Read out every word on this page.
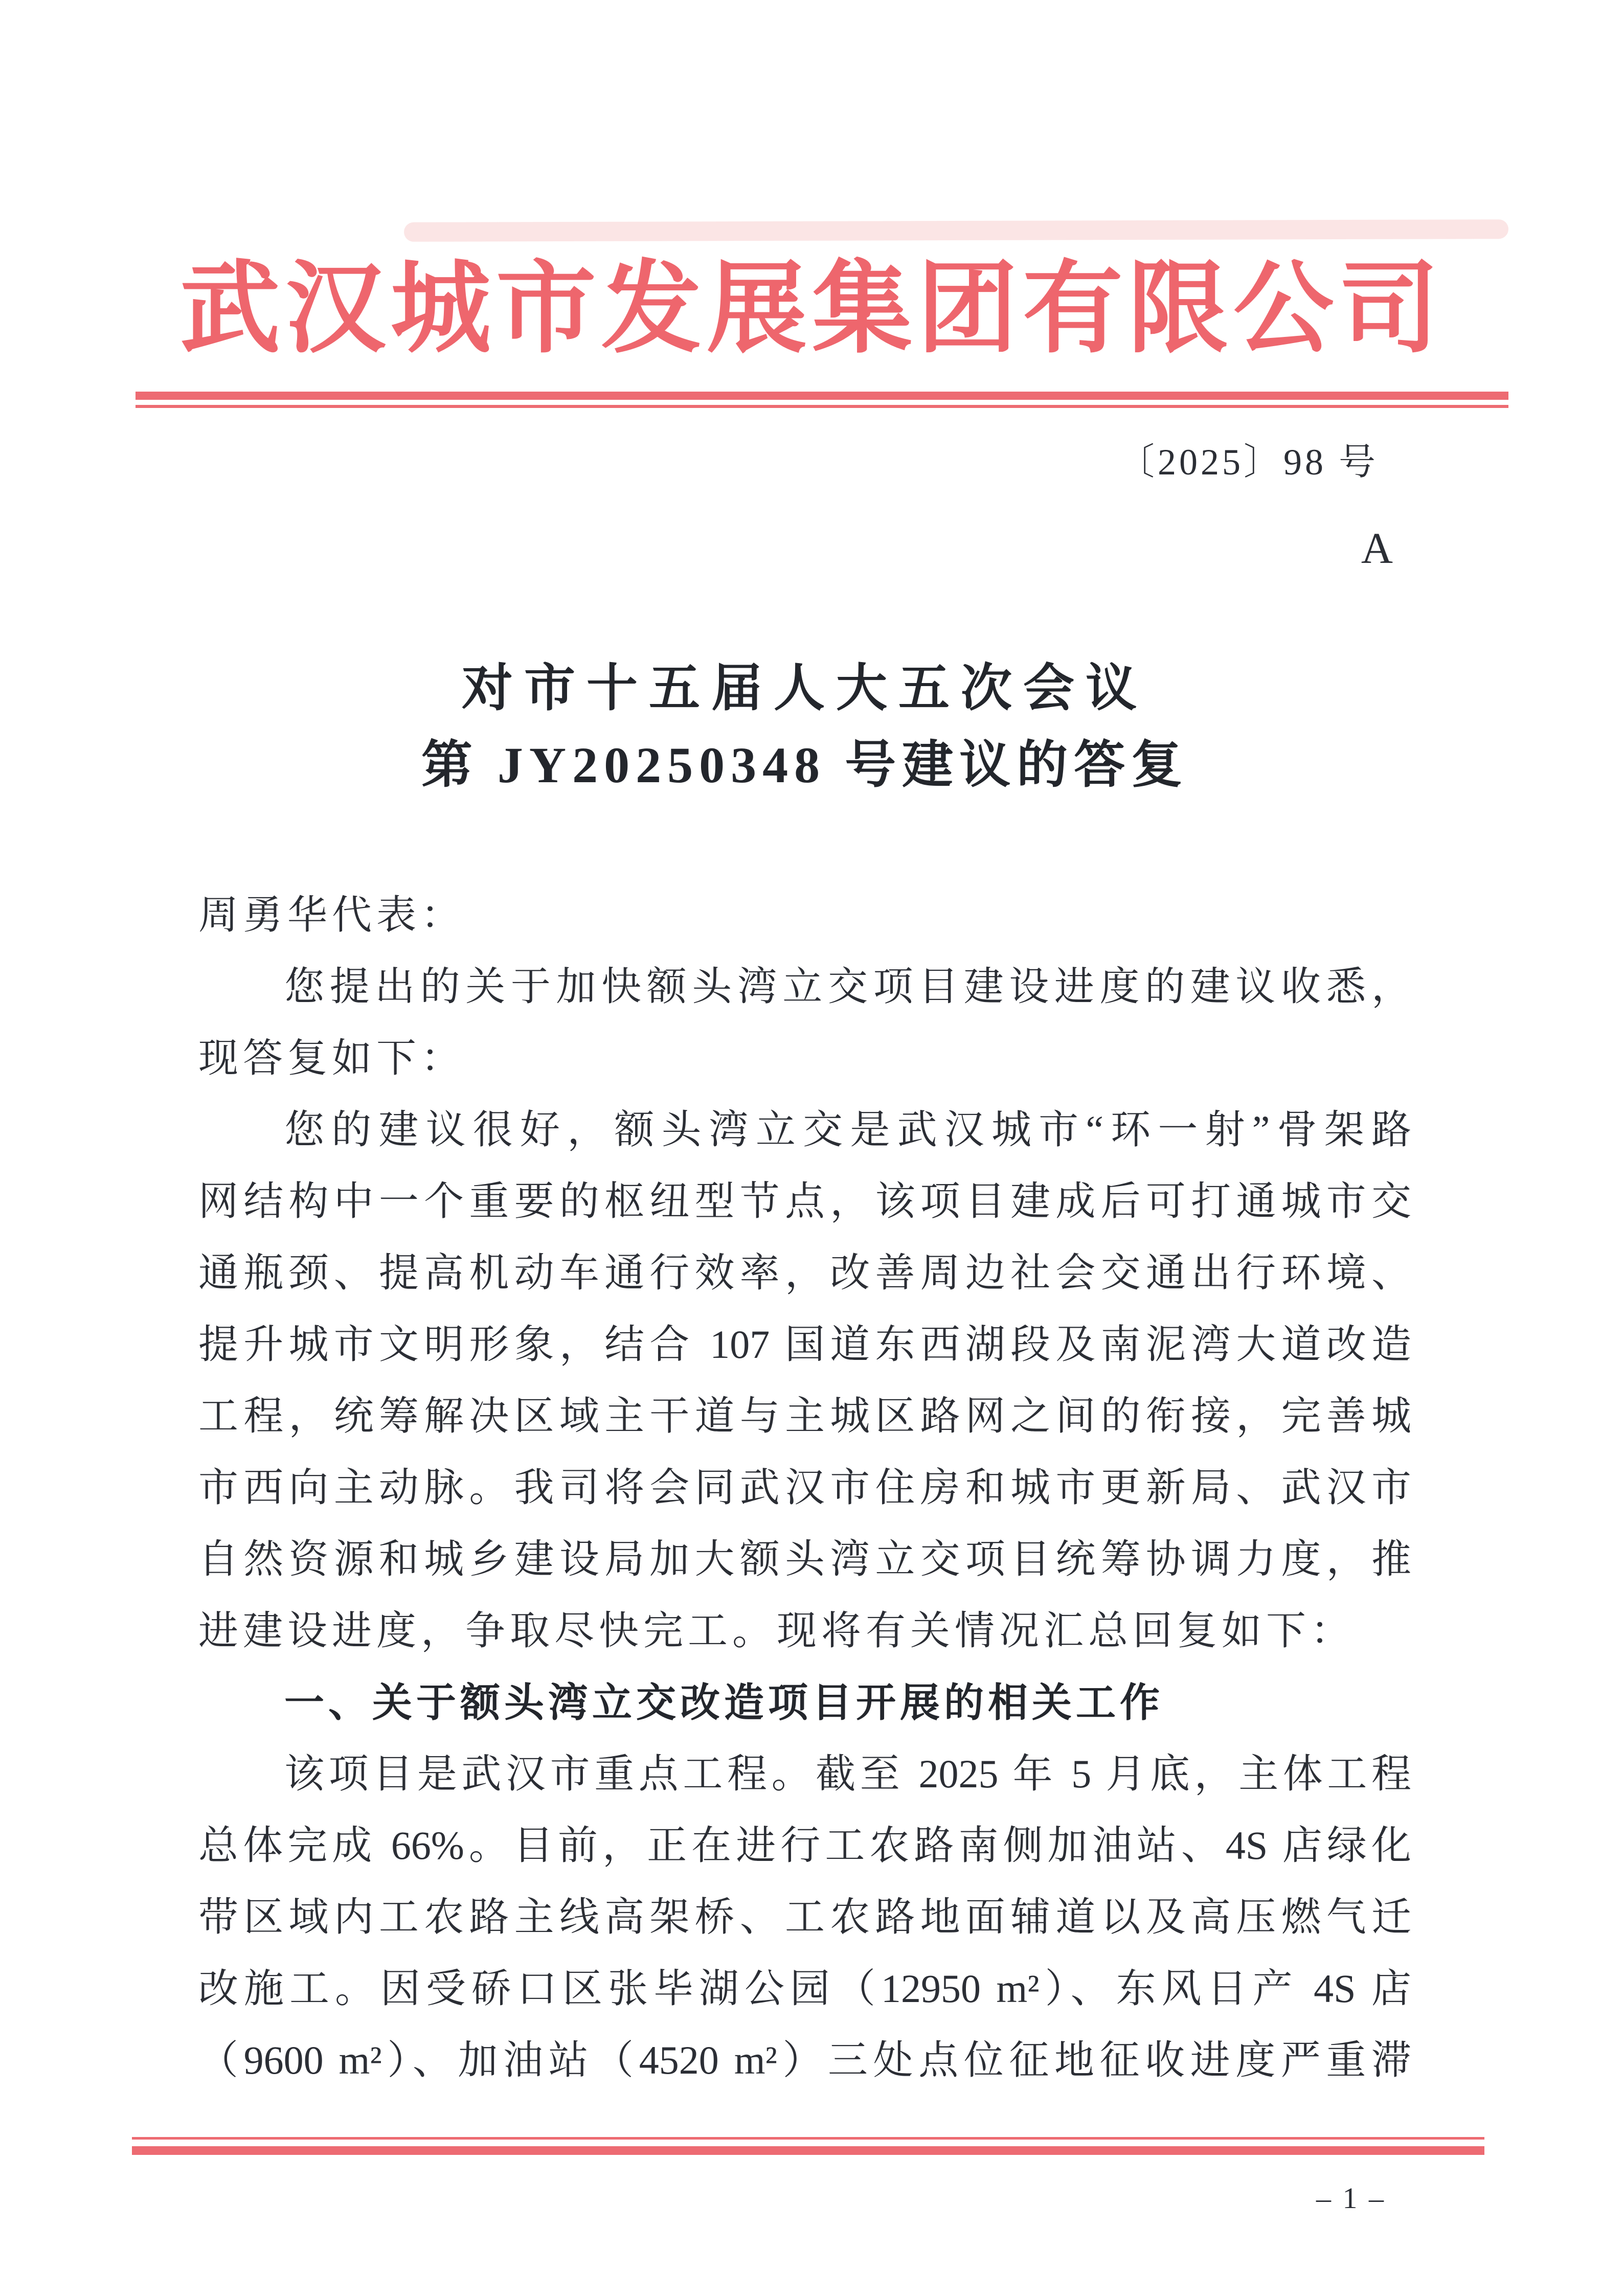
武汉城市发展集团有限公司
〔2025〕98 号
A
对市十五届人大五次会议
第 JY20250348 号建议的答复
周勇华代表：
您提出的关于加快额头湾立交项目建设进度的建议收悉，
现答复如下：
您的建议很好，额头湾立交是武汉城市“环一射”骨架路
网结构中一个重要的枢纽型节点，该项目建成后可打通城市交
通瓶颈、提高机动车通行效率，改善周边社会交通出行环境、
提升城市文明形象，结合 107 国道东西湖段及南泥湾大道改造
工程，统筹解决区域主干道与主城区路网之间的衔接，完善城
市西向主动脉。我司将会同武汉市住房和城市更新局、武汉市
自然资源和城乡建设局加大额头湾立交项目统筹协调力度，推
进建设进度，争取尽快完工。现将有关情况汇总回复如下：
一、关于额头湾立交改造项目开展的相关工作
该项目是武汉市重点工程。截至 2025 年 5 月底，主体工程
总体完成 66%。目前，正在进行工农路南侧加油站、4S 店绿化
带区域内工农路主线高架桥、工农路地面辅道以及高压燃气迁
改施工。因受硚口区张毕湖公园（12950 m²）、东风日产 4S 店
（9600 m²）、加油站（4520 m²）三处点位征地征收进度严重滞
– 1 –
